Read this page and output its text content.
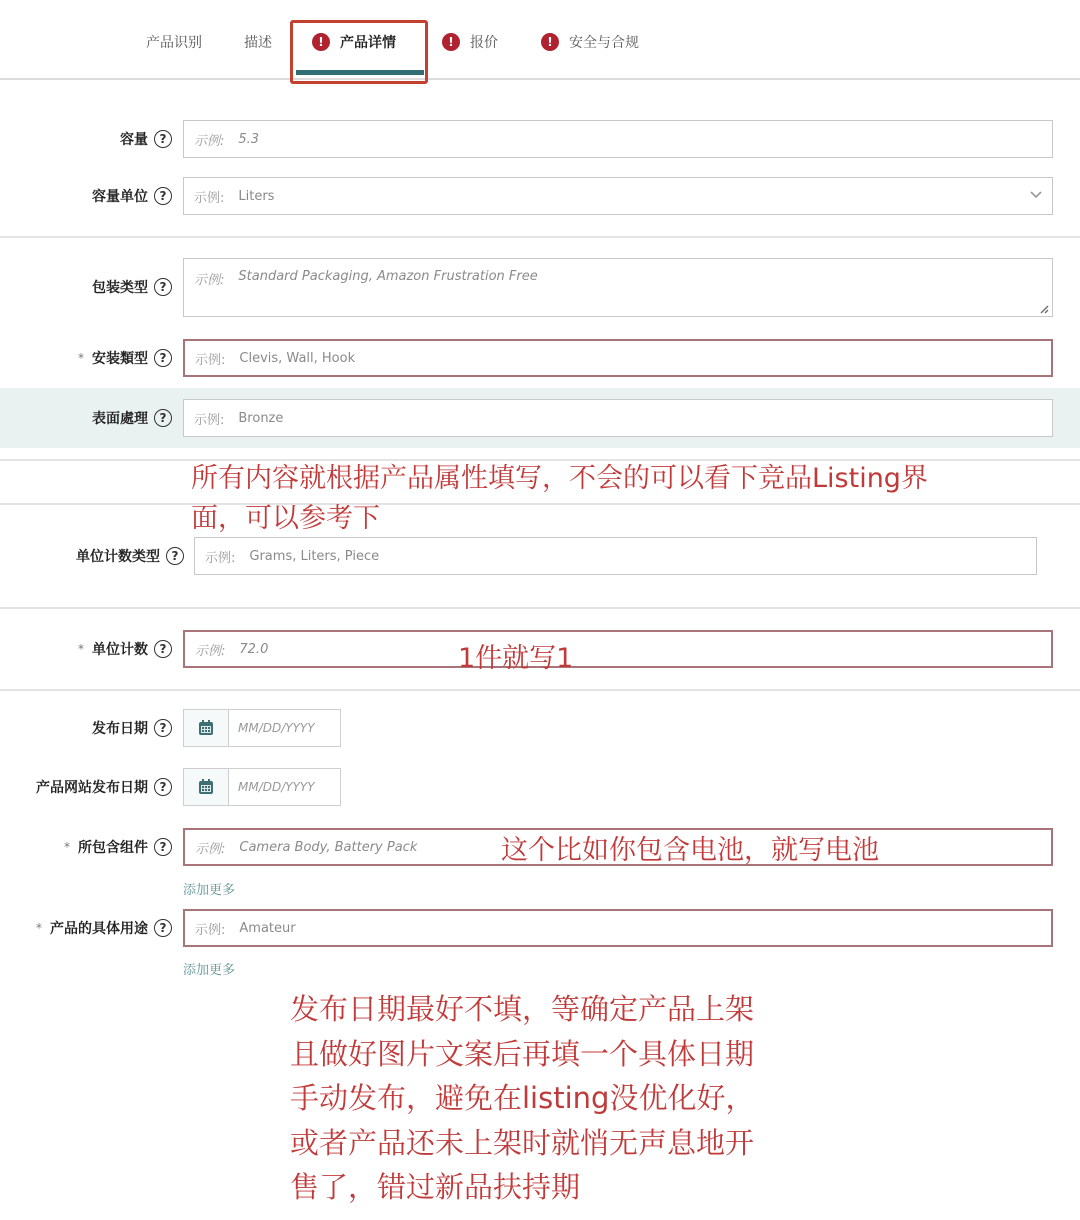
产品识别	描述	!	产品详情	!	报价	!	安全与合规
容量 ?	示例: 5.3
容量单位 ?	示例: Liters
包装类型 ?	示例: Standard Packaging, Amazon Frustration Free
* 安装類型 ?	示例: Clevis, Wall, Hook
表面處理 ?	示例: Bronze
所有内容就根据产品属性填写，不会的可以看下竞品Listing界
面，可以参考下
单位计数类型 ?	示例: Grams, Liters, Piece
* 单位计数 ?	示例: 72.0	1件就写1
发布日期 ?	MM/DD/YYYY
产品网站发布日期 ?	MM/DD/YYYY
* 所包含组件 ?	示例: Camera Body, Battery Pack	这个比如你包含电池，就写电池
添加更多
* 产品的具体用途 ?	示例: Amateur
添加更多
发布日期最好不填，等确定产品上架
且做好图片文案后再填一个具体日期
手动发布，避免在listing没优化好，
或者产品还未上架时就悄无声息地开
售了，错过新品扶持期
